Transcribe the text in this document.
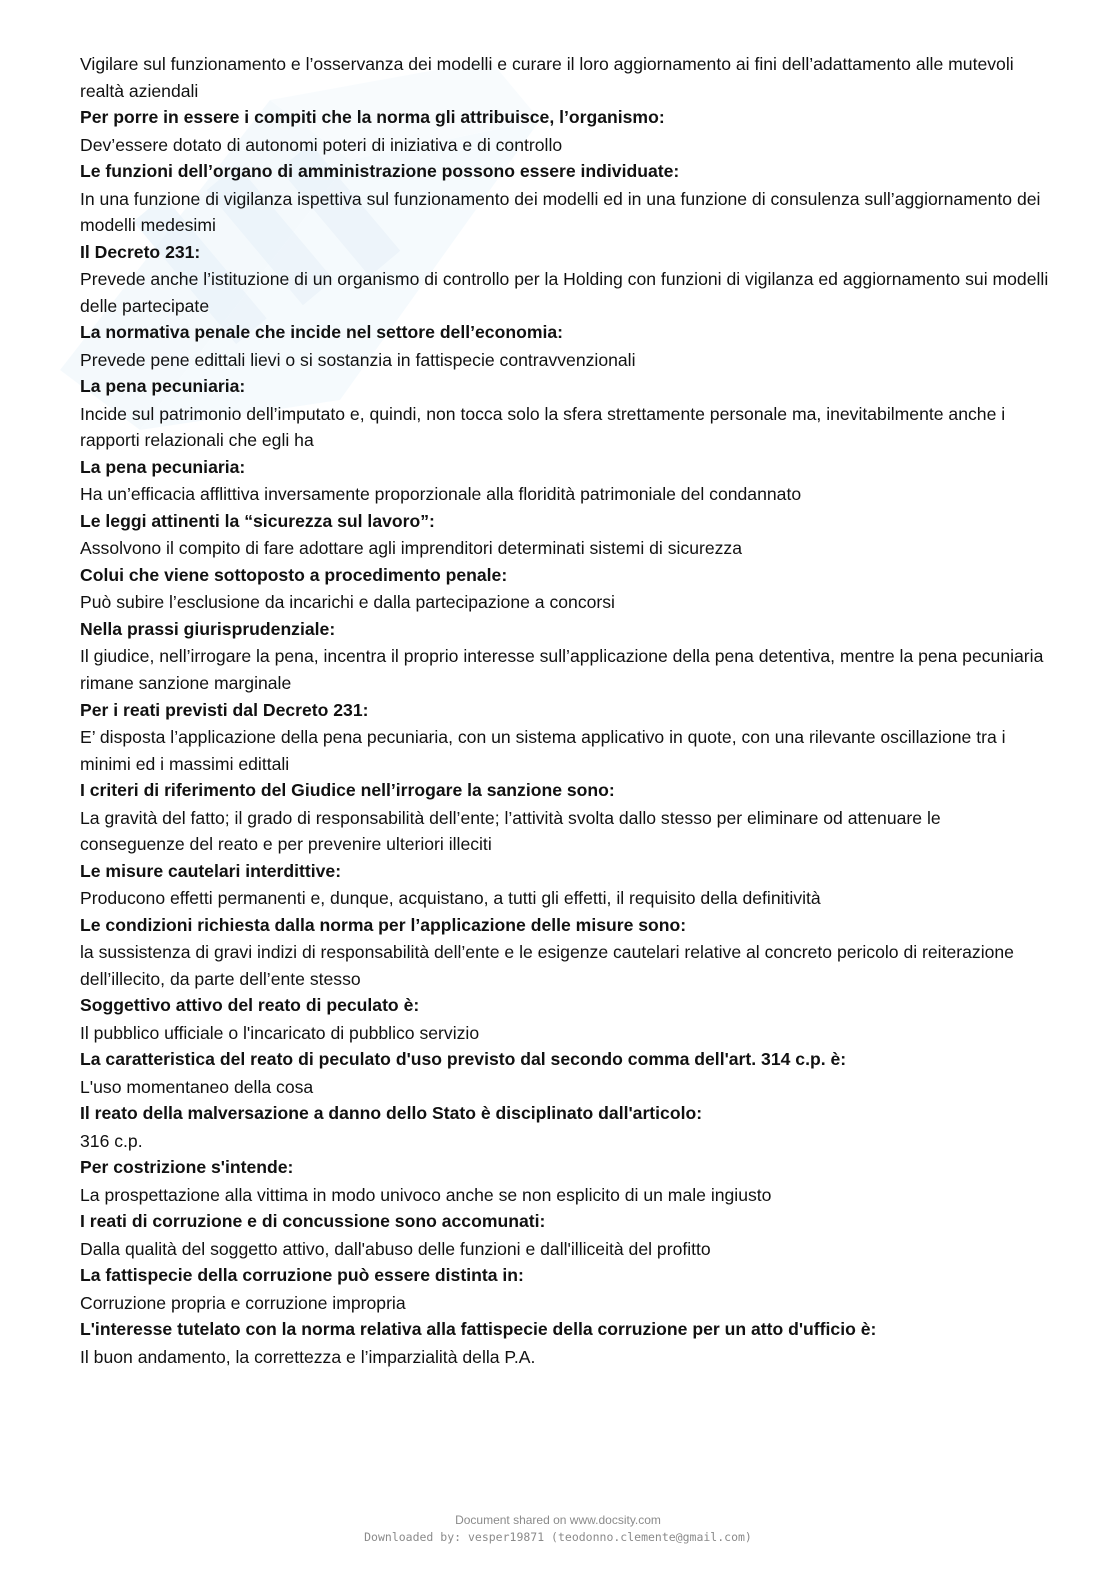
Vigilare sul funzionamento e l’osservanza dei modelli e curare il loro aggiornamento ai fini dell’adattamento alle mutevoli realtà aziendali
Per porre in essere i compiti che la norma gli attribuisce, l’organismo:
Dev’essere dotato di autonomi poteri di iniziativa e di controllo
Le funzioni dell’organo di amministrazione possono essere individuate:
In una funzione di vigilanza ispettiva sul funzionamento dei modelli ed in una funzione di consulenza sull’aggiornamento dei modelli medesimi
Il Decreto 231:
Prevede anche l’istituzione di un organismo di controllo per la Holding con funzioni di vigilanza ed aggiornamento sui modelli delle partecipate
La normativa penale che incide nel settore dell’economia:
Prevede pene edittali lievi o si sostanzia in fattispecie contravvenzionali
La pena pecuniaria:
Incide sul patrimonio dell’imputato e, quindi, non tocca solo la sfera strettamente personale ma, inevitabilmente anche i rapporti relazionali che egli ha
La pena pecuniaria:
Ha un’efficacia afflittiva inversamente proporzionale alla floridità patrimoniale del condannato
Le leggi attinenti la “sicurezza sul lavoro”:
Assolvono il compito di fare adottare agli imprenditori determinati sistemi di sicurezza
Colui che viene sottoposto a procedimento penale:
Può subire l’esclusione da incarichi e dalla partecipazione a concorsi
Nella prassi giurisprudenziale:
Il giudice, nell’irrogare la pena, incentra il proprio interesse sull’applicazione della pena detentiva, mentre la pena pecuniaria rimane sanzione marginale
Per i reati previsti dal Decreto 231:
E’ disposta l’applicazione della pena pecuniaria, con un sistema applicativo in quote, con una rilevante oscillazione tra i minimi ed i massimi edittali
I criteri di riferimento del Giudice nell’irrogare la sanzione sono:
La gravità del fatto; il grado di responsabilità dell’ente; l’attività svolta dallo stesso per eliminare od attenuare le conseguenze del reato e per prevenire ulteriori illeciti
Le misure cautelari interdittive:
Producono effetti permanenti e, dunque, acquistano, a tutti gli effetti, il requisito della definitività
Le condizioni richiesta dalla norma per l’applicazione delle misure sono:
la sussistenza di gravi indizi di responsabilità dell’ente e le esigenze cautelari relative al concreto pericolo di reiterazione dell’illecito, da parte dell’ente stesso
Soggettivo attivo del reato di peculato è:
Il pubblico ufficiale o l'incaricato di pubblico servizio
La caratteristica del reato di peculato d'uso previsto dal secondo comma dell'art. 314 c.p. è:
L'uso momentaneo della cosa
Il reato della malversazione a danno dello Stato è disciplinato dall'articolo:
316 c.p.
Per costrizione s'intende:
La prospettazione alla vittima in modo univoco anche se non esplicito di un male ingiusto
I reati di corruzione e di concussione sono accomunati:
Dalla qualità del soggetto attivo, dall'abuso delle funzioni e dall'illiceità del profitto
La fattispecie della corruzione può essere distinta in:
Corruzione propria e corruzione impropria
L'interesse tutelato con la norma relativa alla fattispecie della corruzione per un atto d'ufficio è:
Il buon andamento, la correttezza e l’imparzialità della P.A.
Document shared on www.docsity.com
Downloaded by: vesper19871 (teodonno.clemente@gmail.com)
